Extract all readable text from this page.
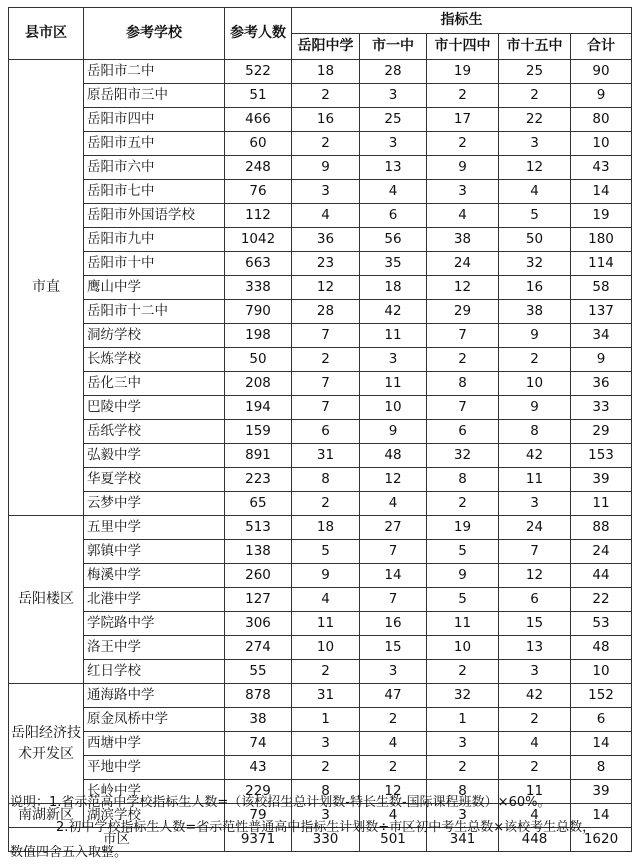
县市区	参考学校	参考人数	指标生				
			岳阳中学	市一中	市十四中	市十五中	合计
市直	岳阳市二中	522	18	28	19	25	90
	原岳阳市三中	51	2	3	2	2	9
	岳阳市四中	466	16	25	17	22	80
	岳阳市五中	60	2	3	2	3	10
	岳阳市六中	248	9	13	9	12	43
	岳阳市七中	76	3	4	3	4	14
	岳阳市外国语学校	112	4	6	4	5	19
	岳阳市九中	1042	36	56	38	50	180
	岳阳市十中	663	23	35	24	32	114
	鹰山中学	338	12	18	12	16	58
	岳阳市十二中	790	28	42	29	38	137
	洞纺学校	198	7	11	7	9	34
	长炼学校	50	2	3	2	2	9
	岳化三中	208	7	11	8	10	36
	巴陵中学	194	7	10	7	9	33
	岳纸学校	159	6	9	6	8	29
	弘毅中学	891	31	48	32	42	153
	华夏学校	223	8	12	8	11	39
	云梦中学	65	2	4	2	3	11
岳阳楼区	五里中学	513	18	27	19	24	88
	郭镇中学	138	5	7	5	7	24
	梅溪中学	260	9	14	9	12	44
	北港中学	127	4	7	5	6	22
	学院路中学	306	11	16	11	15	53
	洛王中学	274	10	15	10	13	48
	红日学校	55	2	3	2	3	10
岳阳经济技术开发区	通海路中学	878	31	47	32	42	152
	原金凤桥中学	38	1	2	1	2	6
	西塘中学	74	3	4	3	4	14
	平地中学	43	2	2	2	2	8
	长岭中学	229	8	12	8	11	39
南湖新区	湖滨学校	79	3	4	3	4	14
市区		9371	330	501	341	448	1620
说明：1.省示范高中学校指标生人数=（该校招生总计划数-特长生数-国际课程班数）×60%。
2.初中学校指标生人数=省示范性普通高中指标生计划数÷市区初中考生总数×该校考生总数，
数值四舍五入取整。
